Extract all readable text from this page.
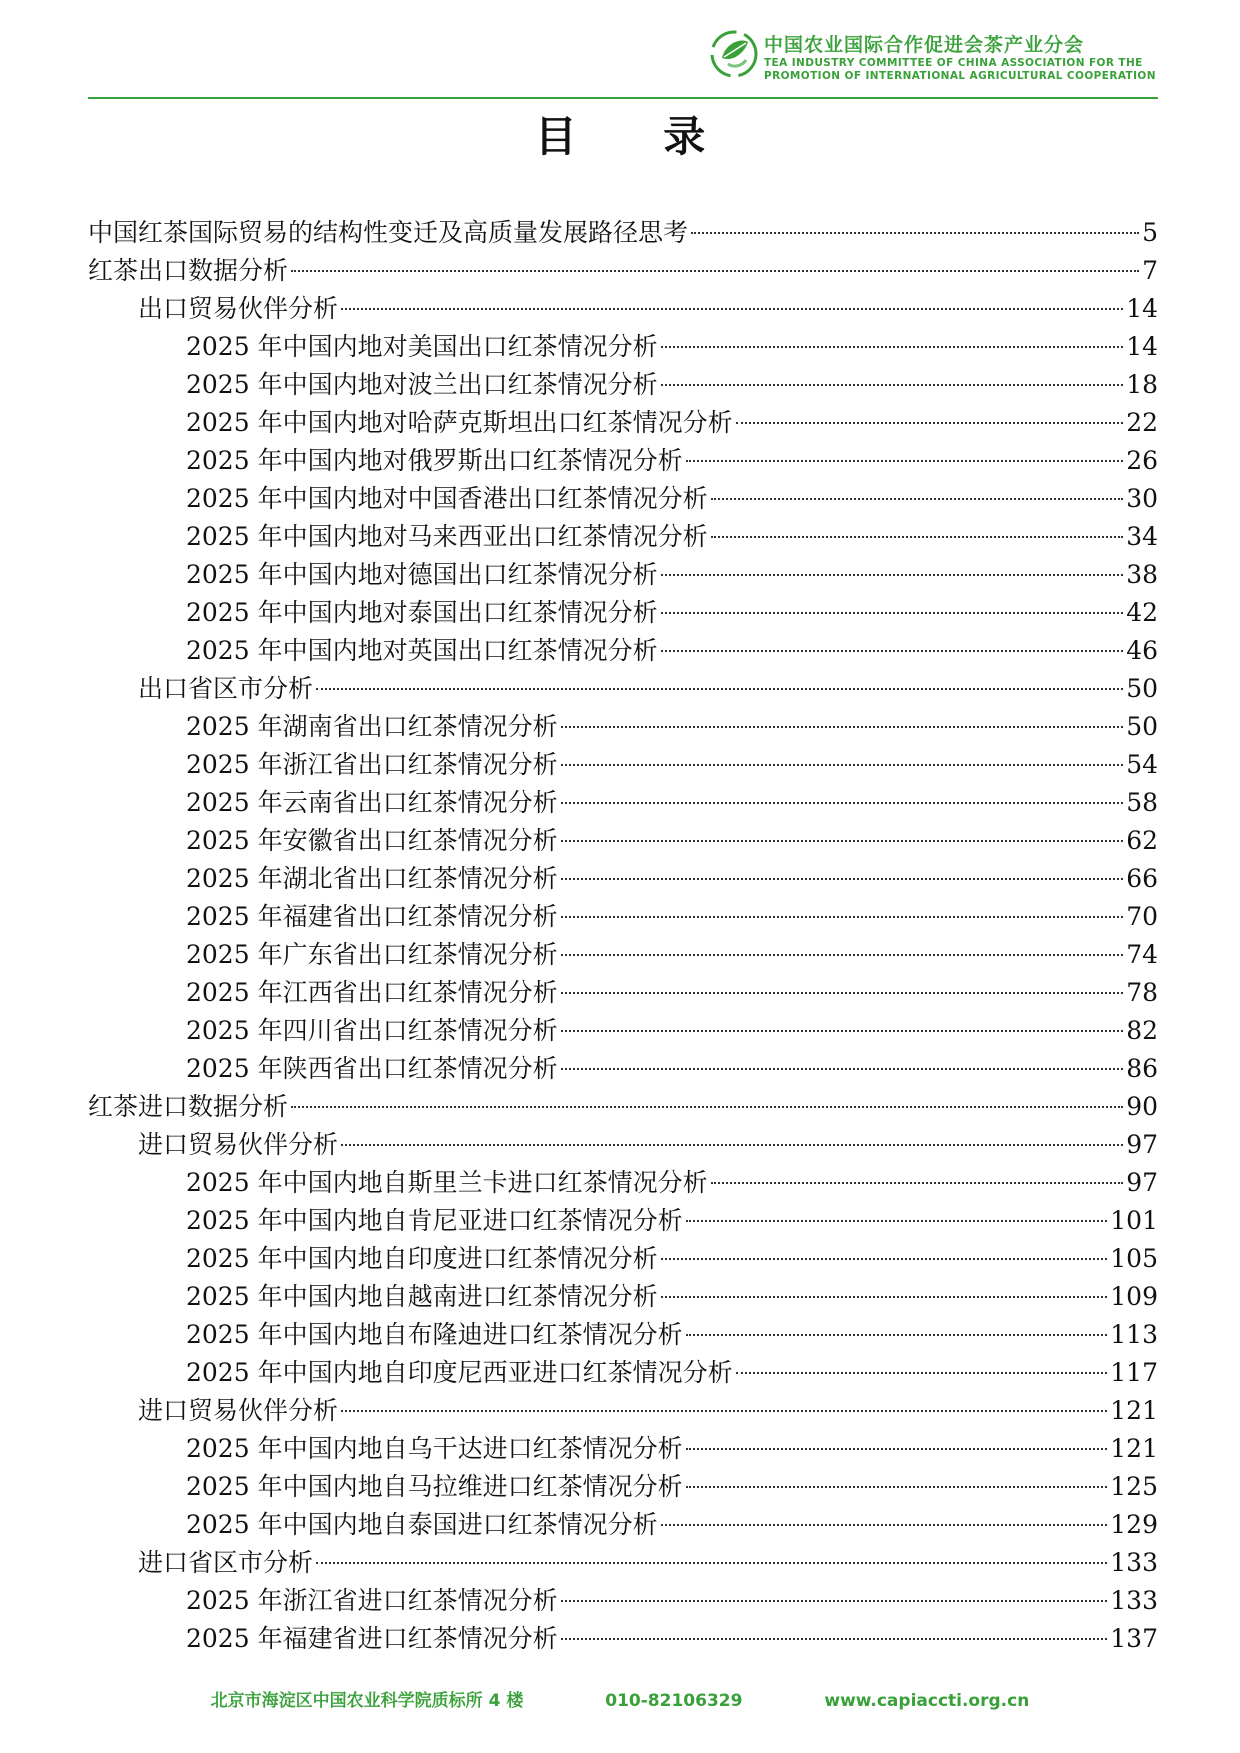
中国农业国际合作促进会茶产业分会
TEA INDUSTRY COMMITTEE OF CHINA ASSOCIATION FOR THE
PROMOTION OF INTERNATIONAL AGRICULTURAL COOPERATION
目 录
中国红茶国际贸易的结构性变迁及高质量发展路径思考	5
红茶出口数据分析	7
出口贸易伙伴分析	14
2025 年中国内地对美国出口红茶情况分析	14
2025 年中国内地对波兰出口红茶情况分析	18
2025 年中国内地对哈萨克斯坦出口红茶情况分析	22
2025 年中国内地对俄罗斯出口红茶情况分析	26
2025 年中国内地对中国香港出口红茶情况分析	30
2025 年中国内地对马来西亚出口红茶情况分析	34
2025 年中国内地对德国出口红茶情况分析	38
2025 年中国内地对泰国出口红茶情况分析	42
2025 年中国内地对英国出口红茶情况分析	46
出口省区市分析	50
2025 年湖南省出口红茶情况分析	50
2025 年浙江省出口红茶情况分析	54
2025 年云南省出口红茶情况分析	58
2025 年安徽省出口红茶情况分析	62
2025 年湖北省出口红茶情况分析	66
2025 年福建省出口红茶情况分析	70
2025 年广东省出口红茶情况分析	74
2025 年江西省出口红茶情况分析	78
2025 年四川省出口红茶情况分析	82
2025 年陕西省出口红茶情况分析	86
红茶进口数据分析	90
进口贸易伙伴分析	97
2025 年中国内地自斯里兰卡进口红茶情况分析	97
2025 年中国内地自肯尼亚进口红茶情况分析	101
2025 年中国内地自印度进口红茶情况分析	105
2025 年中国内地自越南进口红茶情况分析	109
2025 年中国内地自布隆迪进口红茶情况分析	113
2025 年中国内地自印度尼西亚进口红茶情况分析	117
进口贸易伙伴分析	121
2025 年中国内地自乌干达进口红茶情况分析	121
2025 年中国内地自马拉维进口红茶情况分析	125
2025 年中国内地自泰国进口红茶情况分析	129
进口省区市分析	133
2025 年浙江省进口红茶情况分析	133
2025 年福建省进口红茶情况分析	137
北京市海淀区中国农业科学院质标所 4 楼	010-82106329	www.capiaccti.org.cn
